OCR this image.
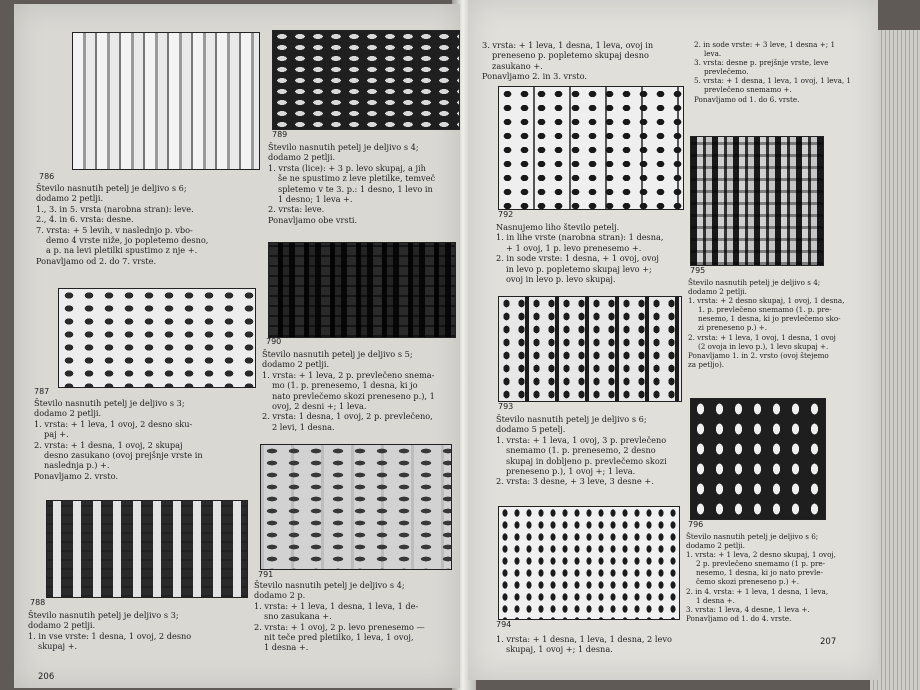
786

Število nasnutih petelj je deljivo s 6;

dodamo 2 petlji.

1., 3. in 5. vrsta (narobna stran): leve.

2., 4. in 6. vrsta: desne.

7. vrsta: + 5 levih, v naslednjo p. vbo-

demo 4 vrste niže, jo popletemo desno,

a p. na levi pletilki spustimo z nje +.

Ponavljamo od 2. do 7. vrste.

787

Število nasnutih petelj je deljivo s 3;

dodamo 2 petlji.

1. vrsta: + 1 leva, 1 ovoj, 2 desno sku-

paj +.

2. vrsta: + 1 desna, 1 ovoj, 2 skupaj

desno zasukano (ovoj prejšnje vrste in

naslednja p.) +.

Ponavljamo 2. vrsto.

788

Število nasnutih petelj je deljivo s 3;

dodamo 2 petlji.

1. in vse vrste: 1 desna, 1 ovoj, 2 desno

skupaj +.

789

Število nasnutih petelj je deljivo s 4;

dodamo 2 petlji.

1. vrsta (lice): + 3 p. levo skupaj, a jih

še ne spustimo z leve pletilke, temveč

spletemo v te 3. p.: 1 desno, 1 levo in

1 desno; 1 leva +.

2. vrsta: leve.

Ponavljamo obe vrsti.

790

Število nasnutih petelj je deljivo s 5;

dodamo 2 petlji.

1. vrsta: + 1 leva, 2 p. prevlečeno snema-

mo (1. p. prenesemo, 1 desna, ki jo

nato prevlečemo skozi preneseno p.), 1

ovoj, 2 desni +; 1 leva.

2. vrsta: 1 desna, 1 ovoj, 2 p. prevlečeno,

2 levi, 1 desna.

791

Število nasnutih petelj je deljivo s 4;

dodamo 2 p.

1. vrsta: + 1 leva, 1 desna, 1 leva, 1 de-

sno zasukana +.

2. vrsta: + 1 ovoj, 2 p. levo prenesemo —

nit teče pred pletilko, 1 leva, 1 ovoj,

1 desna +.

206

3. vrsta: + 1 leva, 1 desna, 1 leva, ovoj in

preneseno p. popletemo skupaj desno

zasukano +.

Ponavljamo 2. in 3. vrsto.

792

Nasnujemo liho število petelj.

1. in lihe vrste (narobna stran): 1 desna,

+ 1 ovoj, 1 p. levo prenesemo +.

2. in sode vrste: 1 desna, + 1 ovoj, ovoj

in levo p. popletemo skupaj levo +;

ovoj in levo p. levo skupaj.

793

Število nasnutih petelj je deljivo s 6;

dodamo 5 petelj.

1. vrsta: + 1 leva, 1 ovoj, 3 p. prevlečeno

snemamo (1. p. prenesemo, 2 desno

skupaj in dobljeno p. prevlečemo skozi

preneseno p.), 1 ovoj +; 1 leva.

2. vrsta: 3 desne, + 3 leve, 3 desne +.

794

1. vrsta: + 1 desna, 1 leva, 1 desna, 2 levo

skupaj, 1 ovoj +; 1 desna.

2. in sode vrste: + 3 leve, 1 desna +; 1

leva.

3. vrsta: desne p. prejšnje vrste, leve

prevlečemo.

5. vrsta: + 1 desna, 1 leva, 1 ovoj, 1 leva, 1

prevlečeno snemamo +.

Ponavljamo od 1. do 6. vrste.

795

Število nasnutih petelj je deljivo s 4;

dodamo 2 petlji.

1. vrsta: + 2 desno skupaj, 1 ovoj, 1 desna,

1. p. prevlečeno snemamo (1. p. pre-

nesemo, 1 desna, ki jo prevlečemo sko-

zi preneseno p.) +.

2. vrsta: + 1 leva, 1 ovoj, 1 desna, 1 ovoj

(2 ovoja in levo p.), 1 levo skupaj +.

Ponavljamo 1. in 2. vrsto (ovoj štejemo

za petljo).

796

Število nasnutih petelj je deljivo s 6;

dodamo 2 petlji.

1. vrsta: + 1 leva, 2 desno skupaj, 1 ovoj,

2 p. prevlečeno snemamo (1 p. pre-

nesemo, 1 desna, ki jo nato prevle-

čemo skozi preneseno p.) +.

2. in 4. vrsta: + 1 leva, 1 desna, 1 leva,

1 desna +.

3. vrsta: 1 leva, 4 desne, 1 leva +.

Ponavljamo od 1. do 4. vrste.

207
